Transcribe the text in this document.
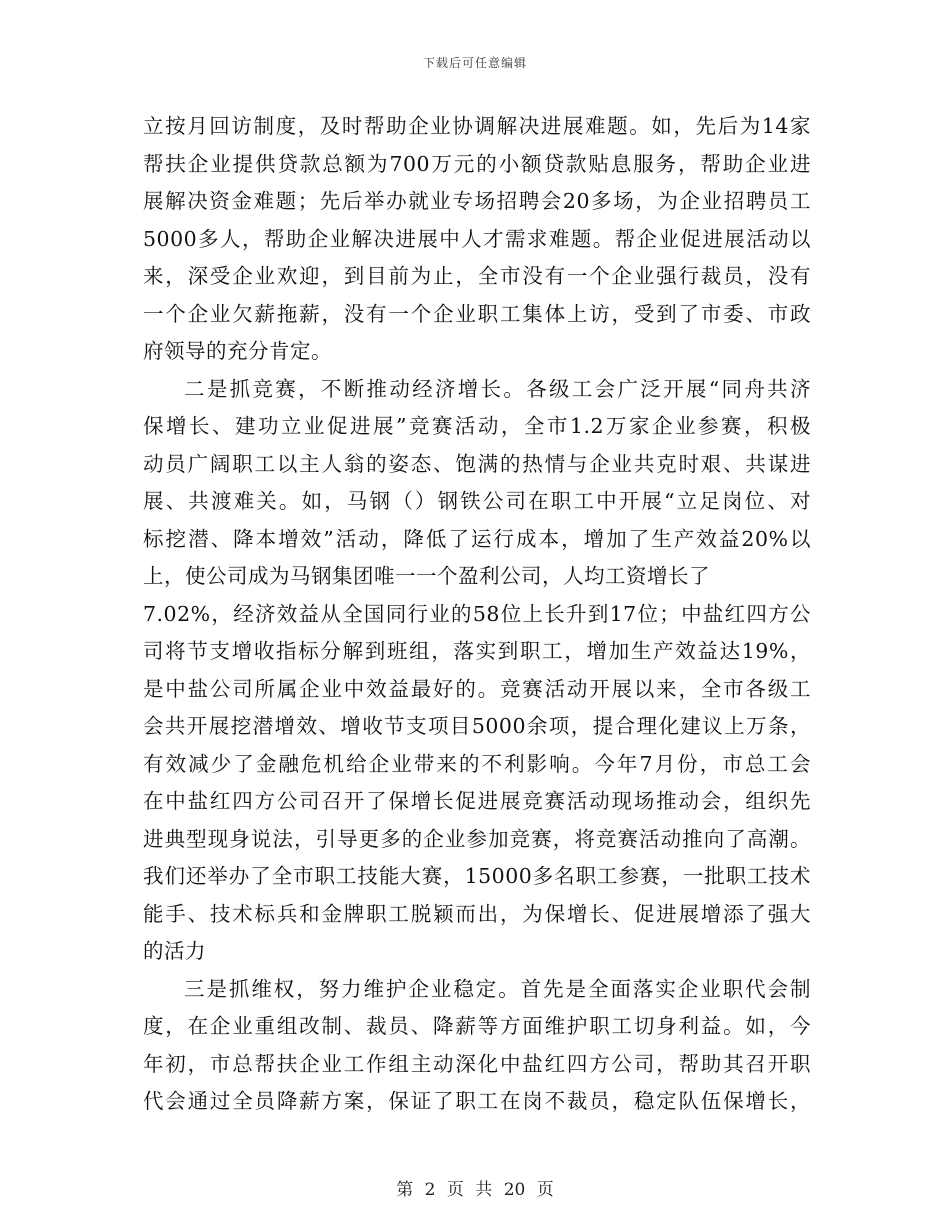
下载后可任意编辑
立按月回访制度，及时帮助企业协调解决进展难题。如，先后为14家
帮扶企业提供贷款总额为700万元的小额贷款贴息服务，帮助企业进
展解决资金难题；先后举办就业专场招聘会20多场，为企业招聘员工
5000多人，帮助企业解决进展中人才需求难题。帮企业促进展活动以
来，深受企业欢迎，到目前为止，全市没有一个企业强行裁员，没有
一个企业欠薪拖薪，没有一个企业职工集体上访，受到了市委、市政
府领导的充分肯定。
二是抓竞赛，不断推动经济增长。各级工会广泛开展“同舟共济
保增长、建功立业促进展”竞赛活动，全市1.2万家企业参赛，积极
动员广阔职工以主人翁的姿态、饱满的热情与企业共克时艰、共谋进
展、共渡难关。如，马钢（）钢铁公司在职工中开展“立足岗位、对
标挖潜、降本增效”活动，降低了运行成本，增加了生产效益20%以
上，使公司成为马钢集团唯一一个盈利公司，人均工资增长了
7.02%，经济效益从全国同行业的58位上长升到17位；中盐红四方公
司将节支增收指标分解到班组，落实到职工，增加生产效益达19%，
是中盐公司所属企业中效益最好的。竞赛活动开展以来，全市各级工
会共开展挖潜增效、增收节支项目5000余项，提合理化建议上万条，
有效减少了金融危机给企业带来的不利影响。今年7月份，市总工会
在中盐红四方公司召开了保增长促进展竞赛活动现场推动会，组织先
进典型现身说法，引导更多的企业参加竞赛，将竞赛活动推向了高潮。
我们还举办了全市职工技能大赛，15000多名职工参赛，一批职工技术
能手、技术标兵和金牌职工脱颖而出，为保增长、促进展增添了强大
的活力
三是抓维权，努力维护企业稳定。首先是全面落实企业职代会制
度，在企业重组改制、裁员、降薪等方面维护职工切身利益。如，今
年初，市总帮扶企业工作组主动深化中盐红四方公司，帮助其召开职
代会通过全员降薪方案，保证了职工在岗不裁员，稳定队伍保增长，
第 2 页 共 20 页
